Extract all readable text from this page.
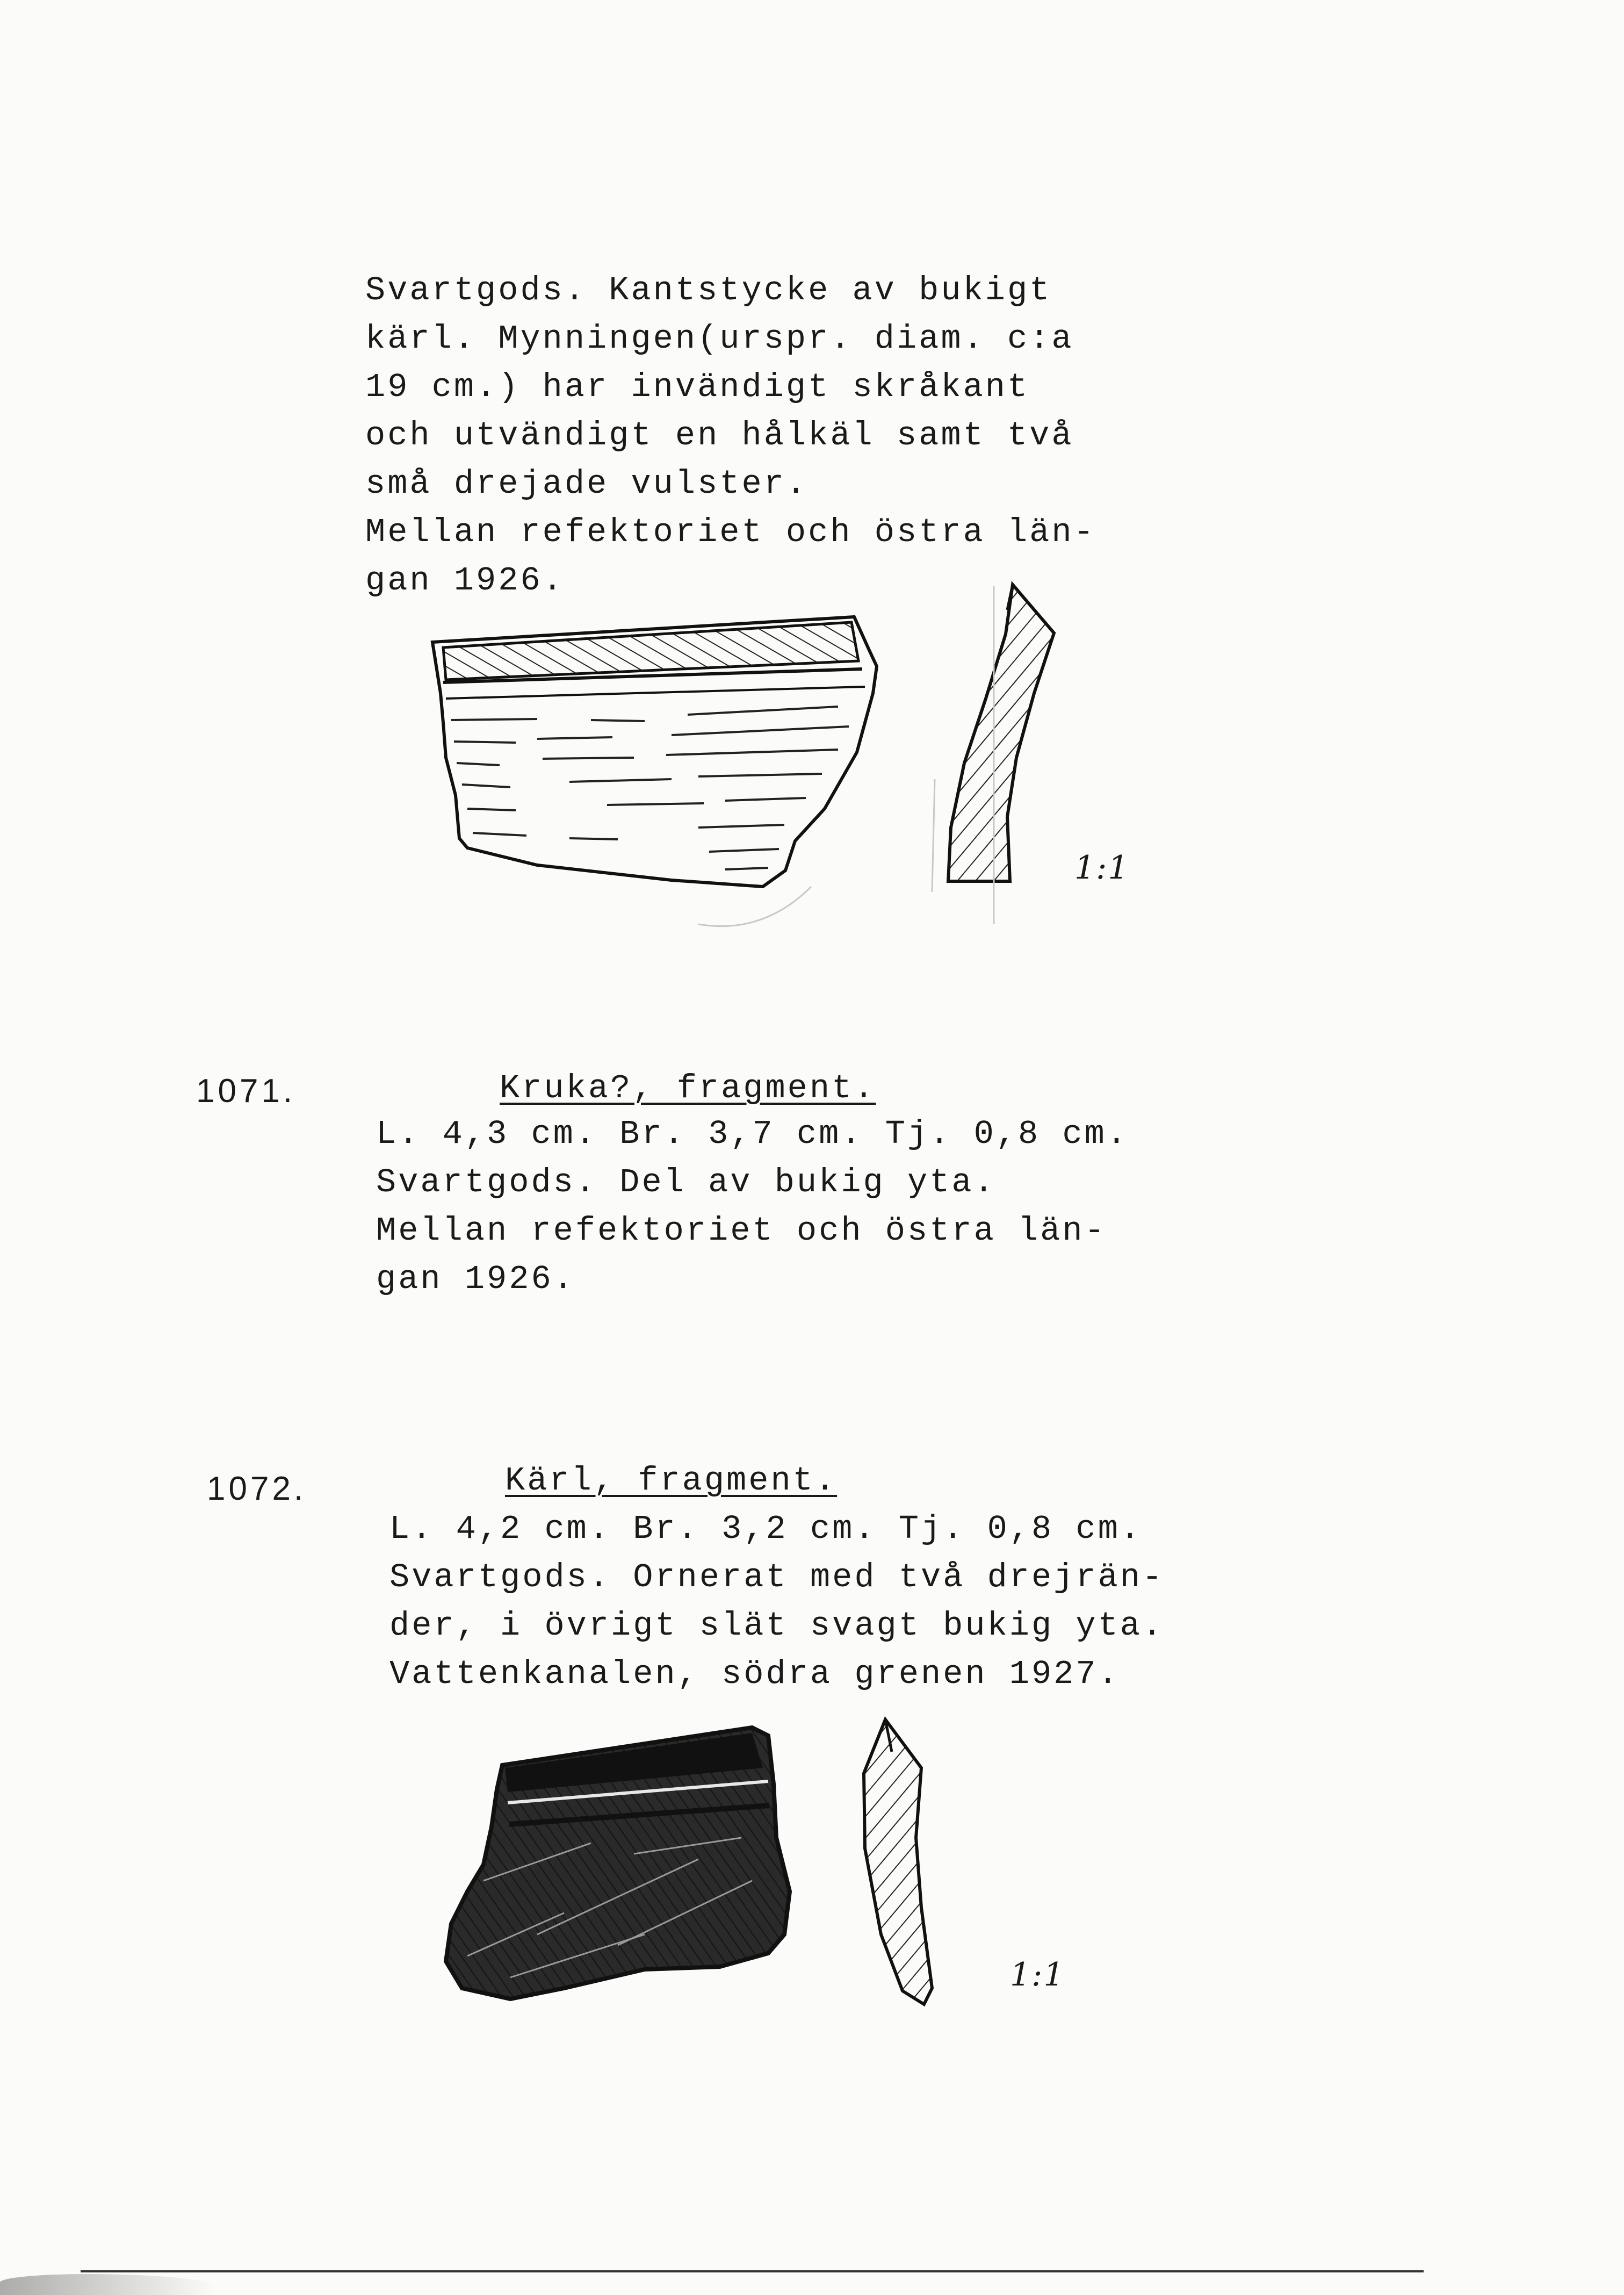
Svartgods. Kantstycke av bukigt
kärl. Mynningen(urspr. diam. c:a
19 cm.) har invändigt skråkant
och utvändigt en hålkäl samt två
små drejade vulster.
Mellan refektoriet och östra län-
gan 1926.
1071.	Kruka?, fragment.
L. 4,3 cm. Br. 3,7 cm. Tj. 0,8 cm.
Svartgods. Del av bukig yta.
Mellan refektoriet och östra län-
gan 1926.
1072.	Kärl, fragment.
L. 4,2 cm. Br. 3,2 cm. Tj. 0,8 cm.
Svartgods. Ornerat med två drejrän-
der, i övrigt slät svagt bukig yta.
Vattenkanalen, södra grenen 1927.
1:1
1:1
